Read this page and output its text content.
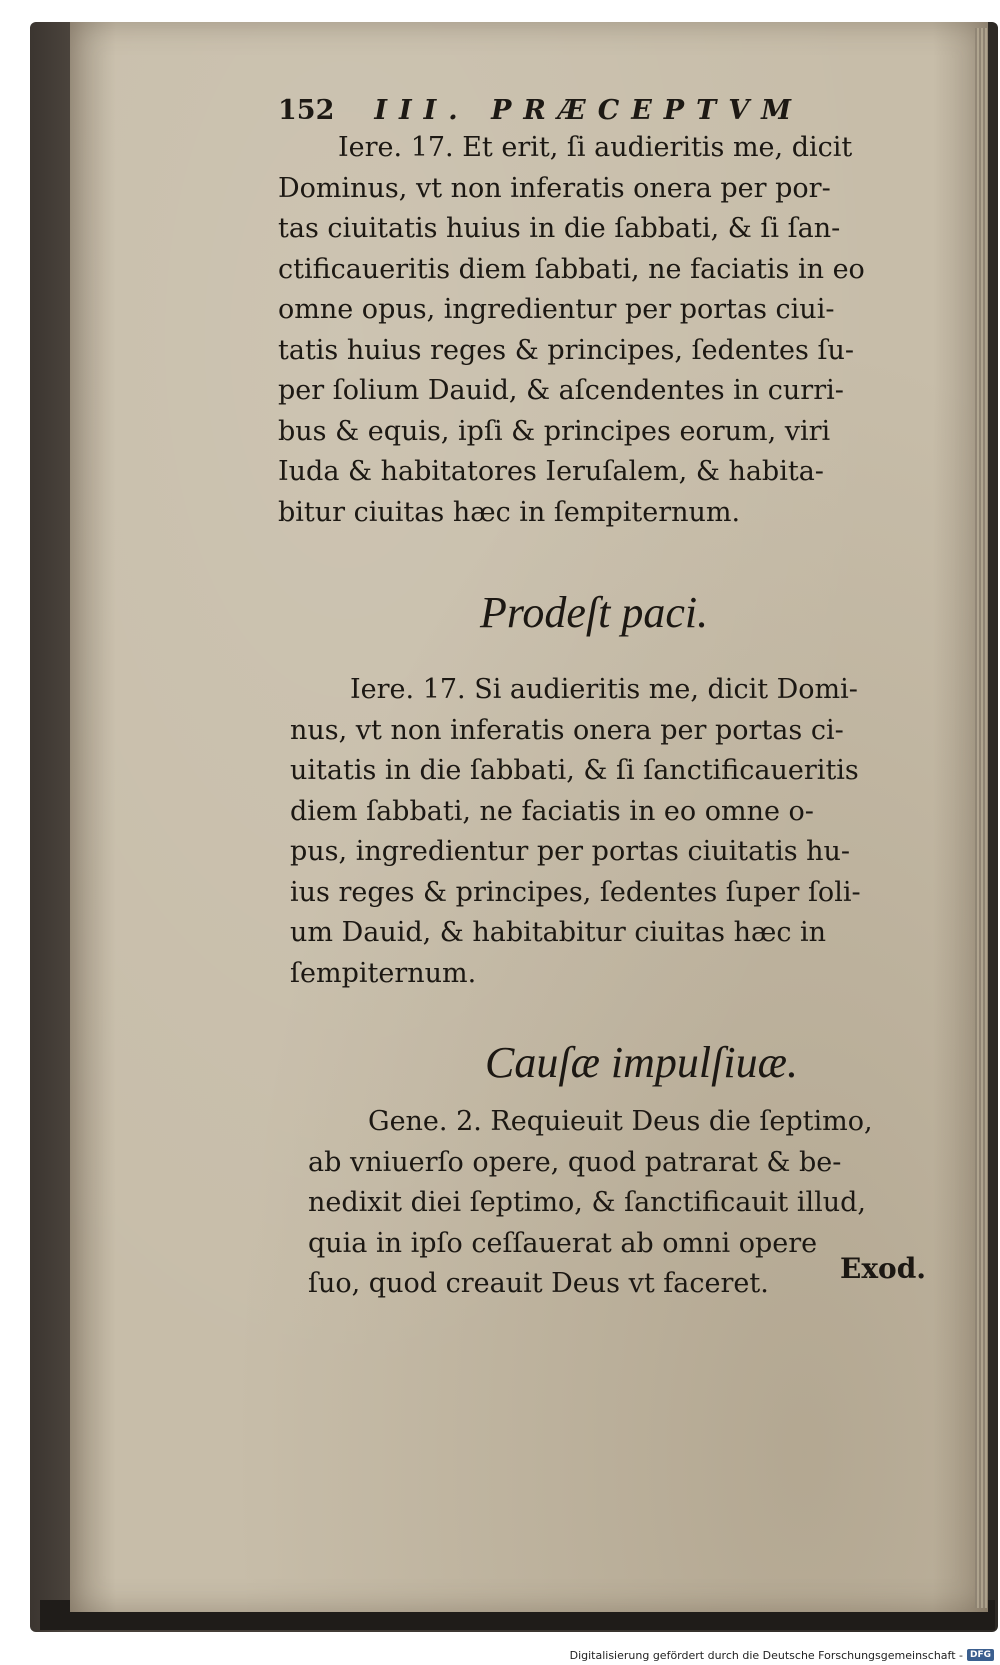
152 III. PRÆCEPTVM
Iere. 17. Et erit, ſi audieritis me, dicit
Dominus, vt non inferatis onera per por-
tas ciuitatis huius in die ſabbati, & ſi ſan-
ctificaueritis diem ſabbati, ne faciatis in eo
omne opus, ingredientur per portas ciui-
tatis huius reges & principes, ſedentes ſu-
per ſolium Dauid, & aſcendentes in curri-
bus & equis, ipſi & principes eorum, viri
Iuda & habitatores Ieruſalem, & habita-
bitur ciuitas hæc in ſempiternum.
Prodeſt paci.
Iere. 17. Si audieritis me, dicit Domi-
nus, vt non inferatis onera per portas ci-
uitatis in die ſabbati, & ſi ſanctificaueritis
diem ſabbati, ne faciatis in eo omne o-
pus, ingredientur per portas ciuitatis hu-
ius reges & principes, ſedentes ſuper ſoli-
um Dauid, & habitabitur ciuitas hæc in
ſempiternum.
Cauſæ impulſiuæ.
Gene. 2. Requieuit Deus die ſeptimo,
ab vniuerſo opere, quod patrarat & be-
nedixit diei ſeptimo, & ſanctificauit illud,
quia in ipſo ceſſauerat ab omni opere
ſuo, quod creauit Deus vt faceret.	Exod.
Digitalisierung gefördert durch die Deutsche Forschungsgemeinschaft - DFG
